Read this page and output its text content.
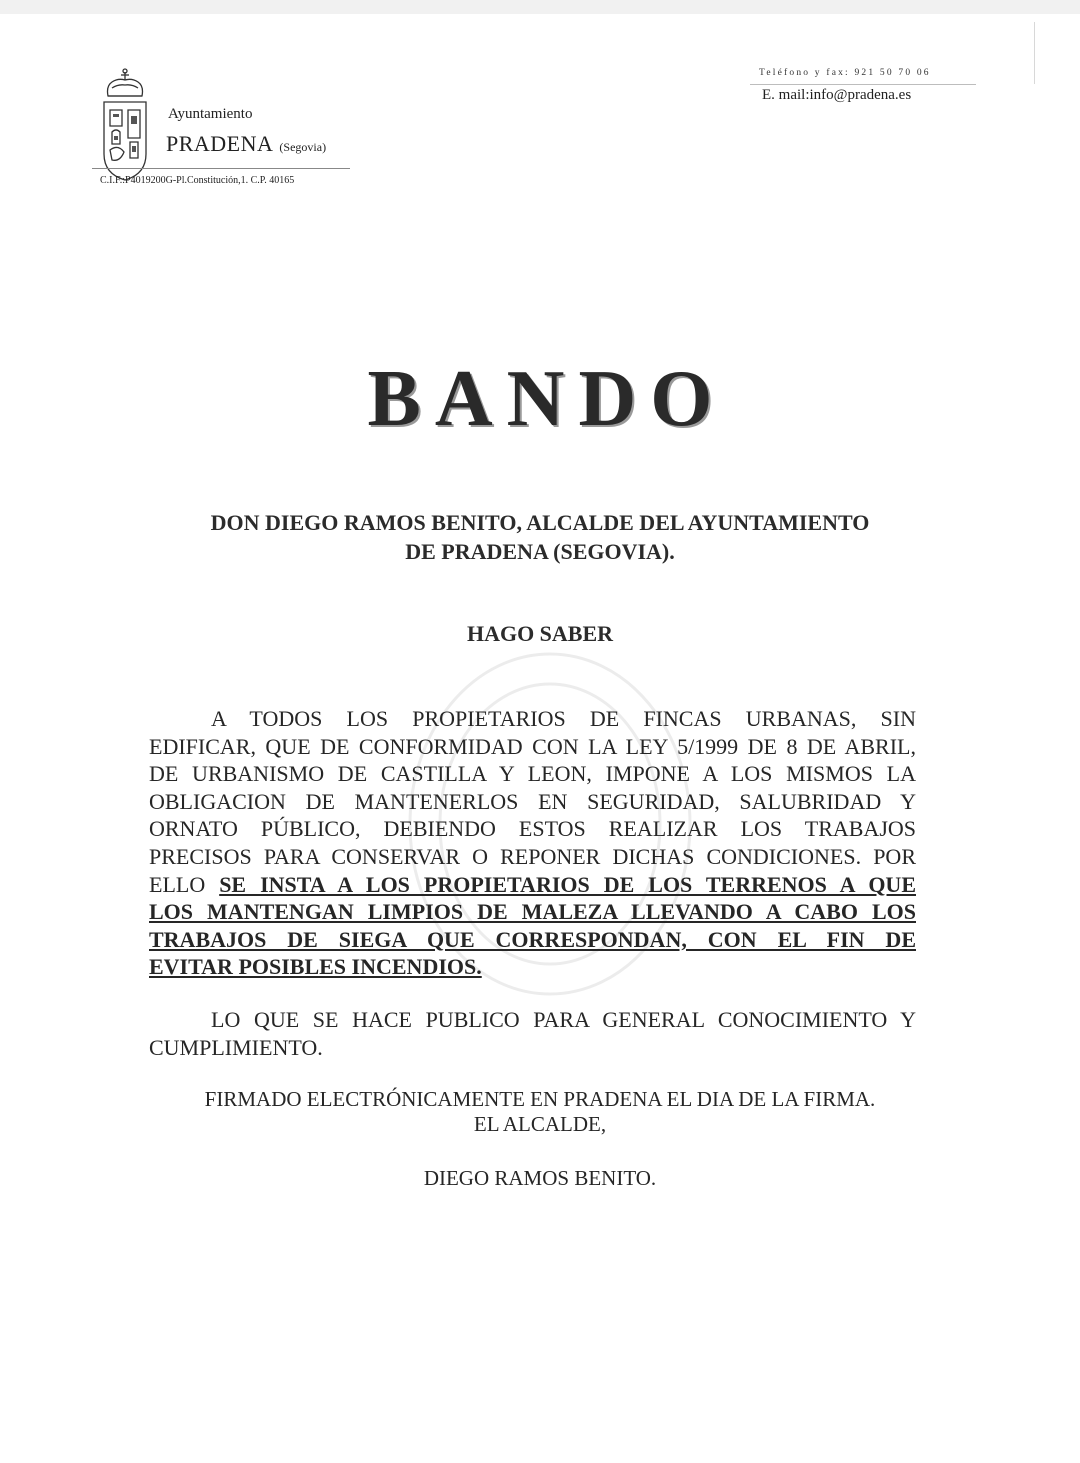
Ayuntamiento
PRADENA (Segovia)
C.I.F.:P4019200G-Pl.Constitución,1. C.P. 40165
Teléfono y fax: 921 50 70 06
E. mail:info@pradena.es
BANDO
DON DIEGO RAMOS BENITO, ALCALDE DEL AYUNTAMIENTO
DE PRADENA (SEGOVIA).
HAGO SABER
A TODOS LOS PROPIETARIOS DE FINCAS URBANAS, SIN
EDIFICAR, QUE DE CONFORMIDAD CON LA LEY 5/1999 DE 8 DE ABRIL,
DE URBANISMO DE CASTILLA Y LEON, IMPONE A LOS MISMOS LA
OBLIGACION DE MANTENERLOS EN SEGURIDAD, SALUBRIDAD Y
ORNATO PÚBLICO, DEBIENDO ESTOS REALIZAR LOS TRABAJOS
PRECISOS PARA CONSERVAR O REPONER DICHAS CONDICIONES. POR
ELLO SE INSTA A LOS PROPIETARIOS DE LOS TERRENOS A QUE
LOS MANTENGAN LIMPIOS DE MALEZA LLEVANDO A CABO LOS
TRABAJOS DE SIEGA QUE CORRESPONDAN, CON EL FIN DE
EVITAR POSIBLES INCENDIOS.
LO QUE SE HACE PUBLICO PARA GENERAL CONOCIMIENTO Y
CUMPLIMIENTO.
FIRMADO ELECTRÓNICAMENTE EN PRADENA EL DIA DE LA FIRMA.
EL ALCALDE,
DIEGO RAMOS BENITO.
